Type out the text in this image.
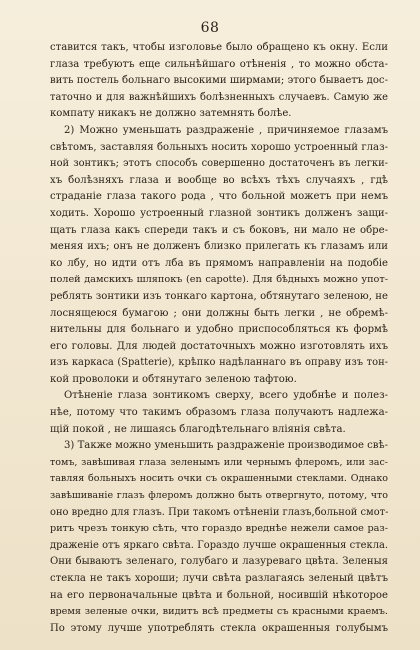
68
ставится такъ, чтобы изголовье было обращено къ окну. Если
глаза требуютъ еще сильнѣйшаго отѣненія , то можно обста-
вить постель больнаго высокими ширмами; этого бываетъ дос-
таточно и для важнѣйшихъ болѣзненныхъ случаевъ. Самую же
компату никакъ не должно затемнять болѣе.
2) Можно уменьшать раздраженіе , причиняемое глазамъ
свѣтомъ, заставляя больныхъ носить хорошо устроенный глаз-
ной зонтикъ; этотъ способъ совершенно достаточенъ въ легки-
хъ болѣзняхъ глаза и вообще во всѣхъ тѣхъ случаяхъ , гдѣ
страданіе глаза такого рода , что больной можетъ при немъ
ходить. Хорошо устроенный глазной зонтикъ долженъ защи-
щать глаза какъ спереди такъ и съ боковъ, ни мало не обре-
меняя ихъ; онъ не долженъ близко прилегать къ глазамъ или
ко лбу, но идти отъ лба въ прямомъ направленіи на подобіе
полей дамскихъ шляпокъ (en capotte). Для бѣдныхъ можно упот-
реблять зонтики изъ тонкаго картона, обтянутаго зеленою, не
лоснящеюся бумагою ; они должны быть легки , не обремѣ-
нительны для больнаго и удобно приспособляться къ формѣ
его головы. Для людей достаточныхъ можно изготовлять ихъ
изъ каркаса (Spatterie), крѣпко надѣланнаго въ оправу изъ тон-
кой проволоки и обтянутаго зеленою тафтою.
Отѣненіе глаза зонтикомъ сверху, всего удобнѣе и полез-
нѣе, потому что такимъ образомъ глаза получаютъ надлежа-
щій покой , не лишаясь благодѣтельнаго вліянія свѣта.
3) Также можно уменьшить раздраженіе производимое свѣ-
томъ, завѣшивая глаза зеленымъ или чернымъ флеромъ, или зас-
тавляя больныхъ носить очки съ окрашенными стеклами. Однако
завѣшиваніе глазъ флеромъ должно быть отвергнуто, потому, что
оно вредно для глазъ. При такомъ отѣненіи глазъ,больной смот-
ритъ чрезъ тонкую сѣть, что гораздо вреднѣе нежели самое раз-
драженіе отъ яркаго свѣта. Гораздо лучше окрашенныя стекла.
Они бываютъ зеленаго, голубаго и лазуреваго цвѣта. Зеленыя
стекла не такъ хороши; лучи свѣта разлагаясь зеленый цвѣтъ
на его первоначальные цвѣта и больной, носившій нѣкоторое
время зеленые очки, видитъ всѣ предметы съ красными краемъ.
По этому лучше употреблять стекла окрашенныя голубымъ
